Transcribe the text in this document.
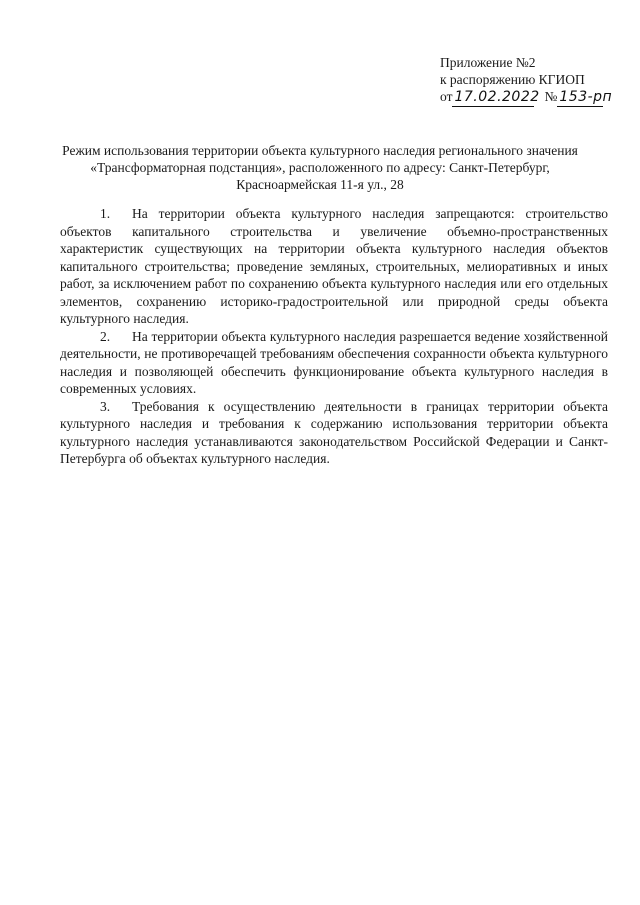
Приложение №2
к распоряжению КГИОП
от 17.02.2022 № 153-рп
Режим использования территории объекта культурного наследия регионального значения
«Трансформаторная подстанция», расположенного по адресу: Санкт-Петербург,
Красноармейская 11-я ул., 28

1. На территории объекта культурного наследия запрещаются: строительство объектов капитального строительства и увеличение объемно-пространственных характеристик существующих на территории объекта культурного наследия объектов капитального строительства; проведение земляных, строительных, мелиоративных и иных работ, за исключением работ по сохранению объекта культурного наследия или его отдельных элементов, сохранению историко-градостроительной или природной среды объекта культурного наследия.

2. На территории объекта культурного наследия разрешается ведение хозяйственной деятельности, не противоречащей требованиям обеспечения сохранности объекта культурного наследия и позволяющей обеспечить функционирование объекта культурного наследия в современных условиях.

3. Требования к осуществлению деятельности в границах территории объекта культурного наследия и требования к содержанию использования территории объекта культурного наследия устанавливаются законодательством Российской Федерации и Санкт-Петербурга об объектах культурного наследия.
